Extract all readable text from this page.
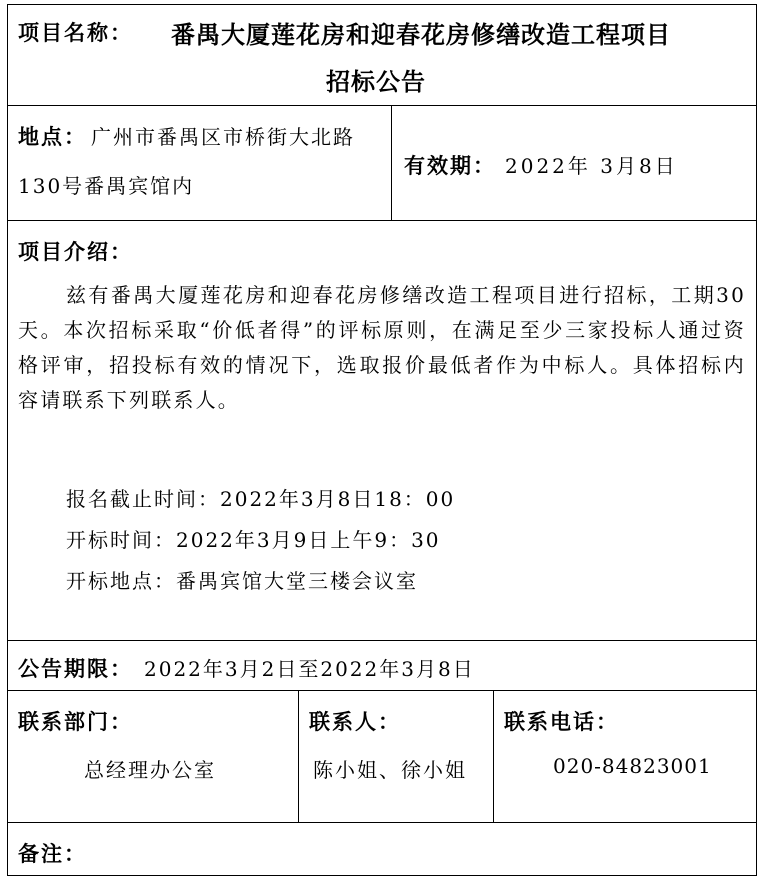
项目名称： 番禺大厦莲花房和迎春花房修缮改造工程项目
招标公告
地点： 广州市番禺区市桥街大北路
130号番禺宾馆内
有效期： 2022年 3月8日
项目介绍：
兹有番禺大厦莲花房和迎春花房修缮改造工程项目进行招标，工期30天。本次招标采取“价低者得”的评标原则，在满足至少三家投标人通过资格评审，招投标有效的情况下，选取报价最低者作为中标人。具体招标内容请联系下列联系人。
报名截止时间：2022年3月8日18：00
开标时间：2022年3月9日上午9：30
开标地点：番禺宾馆大堂三楼会议室
公告期限： 2022年3月2日至2022年3月8日
联系部门：
总经理办公室
联系人：
陈小姐、徐小姐
联系电话：
020-84823001
备注：
